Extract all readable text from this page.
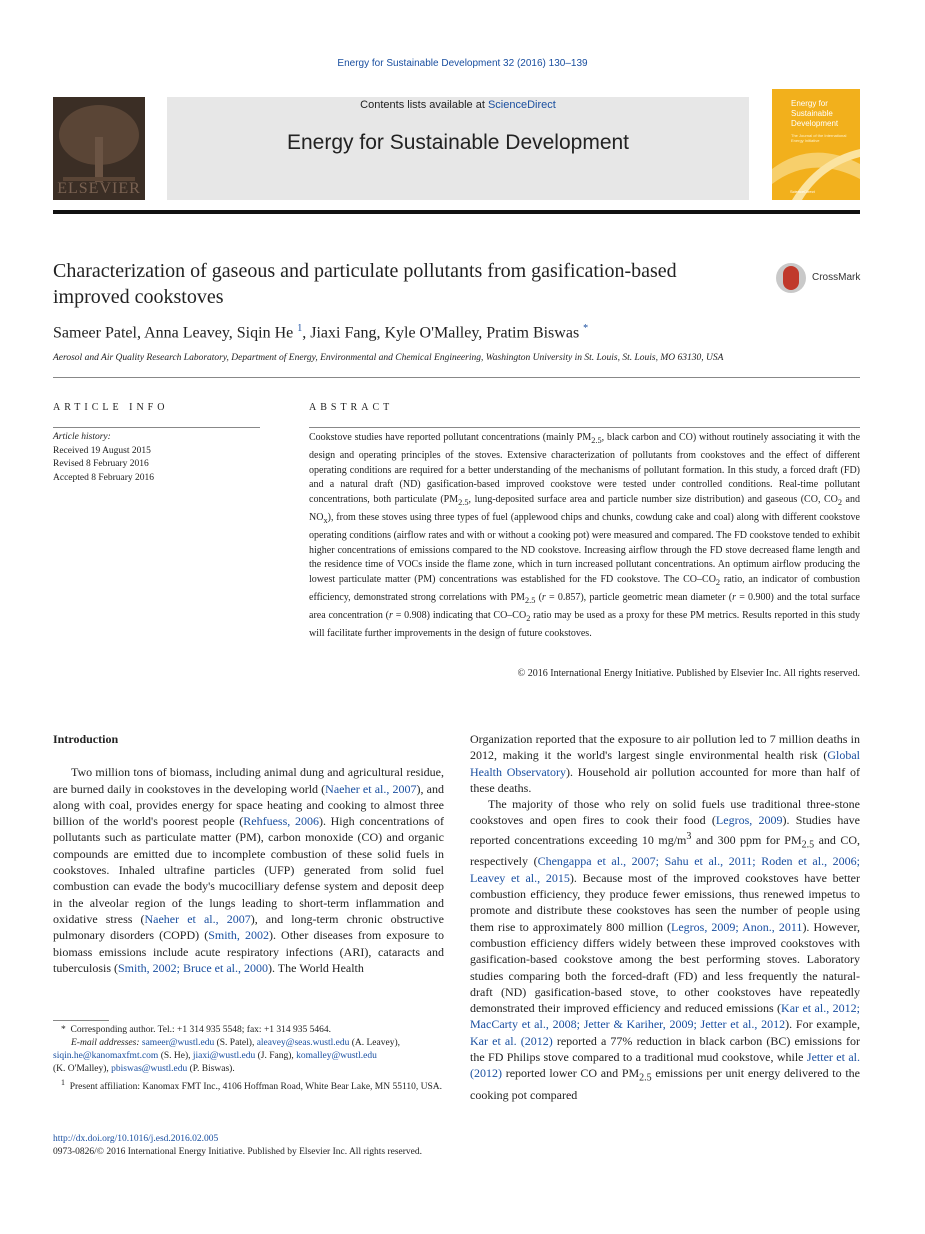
Energy for Sustainable Development 32 (2016) 130–139
ELSEVIER
Contents lists available at ScienceDirect
Energy for Sustainable Development
Energy for Sustainable Development
The Journal of the International Energy Initiative
ScienceDirect
Characterization of gaseous and particulate pollutants from gasification-based improved cookstoves
CrossMark
Sameer Patel, Anna Leavey, Siqin He $^1$, Jiaxi Fang, Kyle O'Malley, Pratim Biswas *
Aerosol and Air Quality Research Laboratory, Department of Energy, Environmental and Chemical Engineering, Washington University in St. Louis, St. Louis, MO 63130, USA
ARTICLE INFO	ABSTRACT
Article history:
Received 19 August 2015
Revised 8 February 2016
Accepted 8 February 2016
Cookstove studies have reported pollutant concentrations (mainly $PM_{2.5}$, black carbon and CO) without routinely associating it with the design and operating principles of the stoves. Extensive characterization of pollutants from cookstoves and the effect of different operating conditions are required for a better understanding of the mechanisms of pollutant formation. In this study, a forced draft (FD) and a natural draft (ND) gasification-based improved cookstove were tested under controlled conditions. Real-time pollutant concentrations, both particulate ($PM_{2.5}$, lung-deposited surface area and particle number size distribution) and gaseous (CO, $CO_2$ and $NO_x$), from these stoves using three types of fuel (applewood chips and chunks, cowdung cake and coal) along with different cookstove operating conditions (airflow rates and with or without a cooking pot) were measured and compared. The FD cookstove tended to exhibit higher concentrations of emissions compared to the ND cookstove. Increasing airflow through the FD stove decreased flame length and the residence time of VOCs inside the flame zone, which in turn increased pollutant concentrations. An optimum airflow producing the lowest particulate matter (PM) concentrations was established for the FD cookstove. The $CO-CO_2$ ratio, an indicator of combustion efficiency, demonstrated strong correlations with $PM_{2.5}$ (r = 0.857), particle geometric mean diameter (r = 0.900) and the total surface area concentration (r = 0.908) indicating that $CO-CO_2$ ratio may be used as a proxy for these PM metrics. Results reported in this study will facilitate further improvements in the design of future cookstoves.
© 2016 International Energy Initiative. Published by Elsevier Inc. All rights reserved.
Introduction

Two million tons of biomass, including animal dung and agricultural residue, are burned daily in cookstoves in the developing world (Naeher et al., 2007), and along with coal, provides energy for space heating and cooking to almost three billion of the world's poorest people (Rehfuess, 2006). High concentrations of pollutants such as particulate matter (PM), carbon monoxide (CO) and organic compounds are emitted due to incomplete combustion of these solid fuels in cookstoves. Inhaled ultrafine particles (UFP) generated from solid fuel combustion can evade the body's mucocilliary defense system and deposit deep in the alveolar region of the lungs leading to short-term inflammation and oxidative stress (Naeher et al., 2007), and long-term chronic obstructive pulmonary disorders (COPD) (Smith, 2002). Other diseases from exposure to biomass emissions include acute respiratory infections (ARI), cataracts and tuberculosis (Smith, 2002; Bruce et al., 2000). The World Health

*  Corresponding author. Tel.: +1 314 935 5548; fax: +1 314 935 5464.
E-mail addresses: sameer@wustl.edu (S. Patel), aleavey@seas.wustl.edu (A. Leavey),

siqin.he@kanomaxfmt.com (S. He), jiaxi@wustl.edu (J. Fang), komalley@wustl.edu
(K. O'Malley), pbiswas@wustl.edu (P. Biswas).
$^1$ Present affiliation: Kanomax FMT Inc., 4106 Hoffman Road, White Bear Lake, MN 55110, USA.

Organization reported that the exposure to air pollution led to 7 million deaths in 2012, making it the world's largest single environmental health risk (Global Health Observatory). Household air pollution accounted for more than half of these deaths.

The majority of those who rely on solid fuels use traditional three-stone cookstoves and open fires to cook their food (Legros, 2009). Studies have reported concentrations exceeding 10 $mg/m^3$ and 300 ppm for $PM_{2.5}$ and CO, respectively (Chengappa et al., 2007; Sahu et al., 2011; Roden et al., 2006; Leavey et al., 2015). Because most of the improved cookstoves have better combustion efficiency, they produce fewer emissions, thus renewed impetus to promote and distribute these cookstoves has seen the number of people using them rise to approximately 800 million (Legros, 2009; Anon., 2011). However, combustion efficiency differs widely between these improved cookstoves with gasification-based cookstove among the best performing stoves. Laboratory studies comparing both the forced-draft (FD) and less frequently the natural-draft (ND) gasification-based stove, to other cookstoves have repeatedly demonstrated their improved efficiency and reduced emissions (Kar et al., 2012; MacCarty et al., 2008; Jetter & Kariher, 2009; Jetter et al., 2012). For example, Kar et al. (2012) reported a 77% reduction in black carbon (BC) emissions for the FD Philips stove compared to a traditional mud cookstove, while Jetter et al. (2012) reported lower CO and $PM_{2.5}$ emissions per unit energy delivered to the cooking pot compared

http://dx.doi.org/10.1016/j.esd.2016.02.005
0973-0826/© 2016 International Energy Initiative. Published by Elsevier Inc. All rights reserved.
